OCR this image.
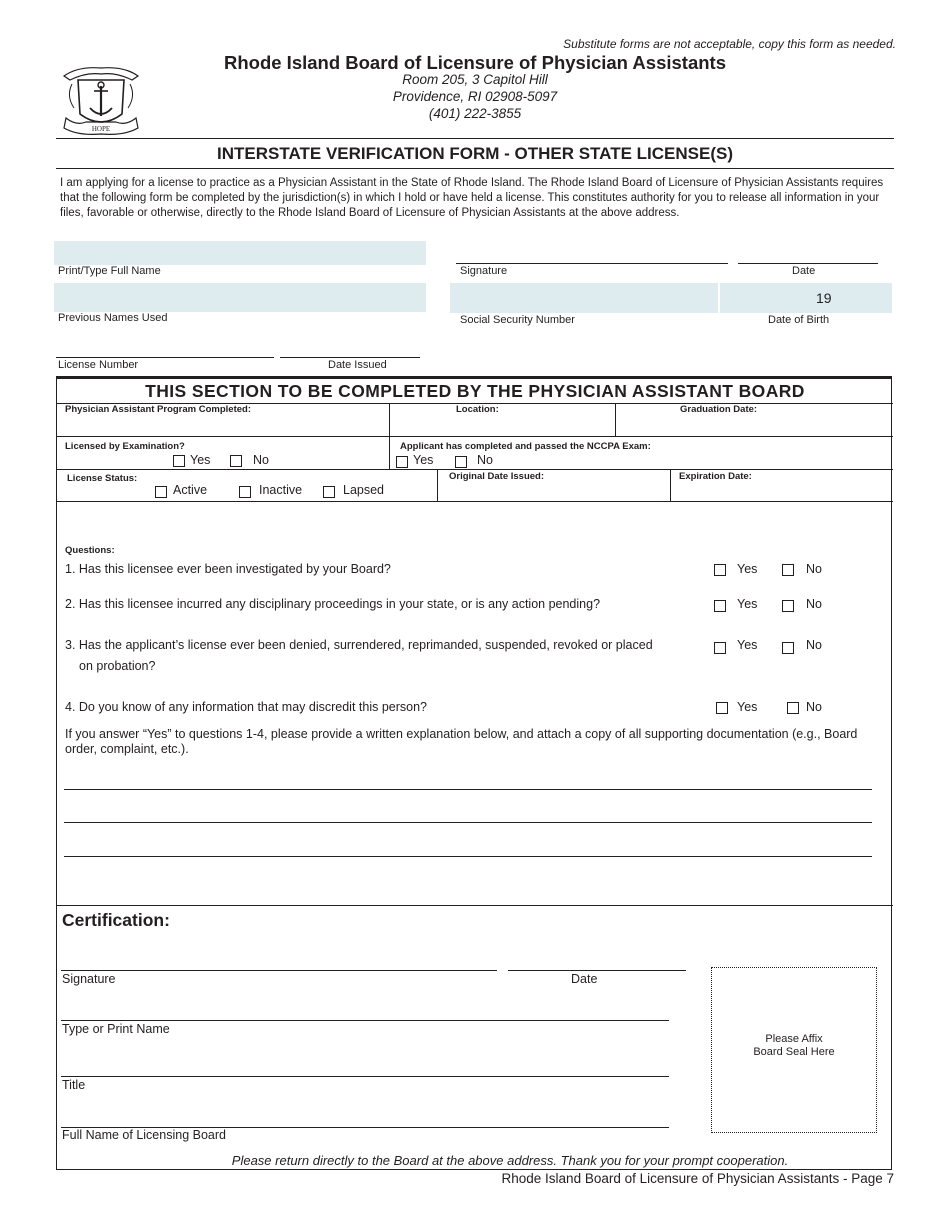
Substitute forms are not acceptable, copy this form as needed.
HOPE
Rhode Island Board of Licensure of Physician Assistants
Room 205, 3 Capitol Hill
Providence, RI 02908-5097
(401) 222-3855
INTERSTATE VERIFICATION FORM - OTHER STATE LICENSE(S)
I am applying for a license to practice as a Physician Assistant in the State of Rhode Island. The Rhode Island Board of Licensure of Physician Assistants requires that the following form be completed by the jurisdiction(s) in which I hold or have held a license. This constitutes authority for you to release all information in your files, favorable or otherwise, directly to the Rhode Island Board of Licensure of Physician Assistants at the above address.
Print/Type Full Name	Signature	Date
Previous Names Used	Social Security Number
19
Date of Birth
License Number	Date Issued
THIS SECTION TO BE COMPLETED BY THE PHYSICIAN ASSISTANT BOARD
Physician Assistant Program Completed:	Location:	Graduation Date:
Licensed by Examination?
Yes	No
Applicant has completed and passed the NCCPA Exam:
Yes	No
License Status:
Active	Inactive	Lapsed
Original Date Issued:	Expiration Date:
Questions:
1. Has this licensee ever been investigated by your Board?	Yes	No
2. Has this licensee incurred any disciplinary proceedings in your state, or is any action pending?	Yes	No
3. Has the applicant’s license ever been denied, surrendered, reprimanded, suspended, revoked or placed
on probation?
Yes	No
4. Do you know of any information that may discredit this person?	Yes	No
If you answer “Yes” to questions 1-4, please provide a written explanation below, and attach a copy of all supporting documentation (e.g., Board order, complaint, etc.).
Certification:
Signature	Date
Type or Print Name
Title
Full Name of Licensing Board
Please Affix
Board Seal Here
Please return directly to the Board at the above address. Thank you for your prompt cooperation.
Rhode Island Board of Licensure of Physician Assistants - Page 7
